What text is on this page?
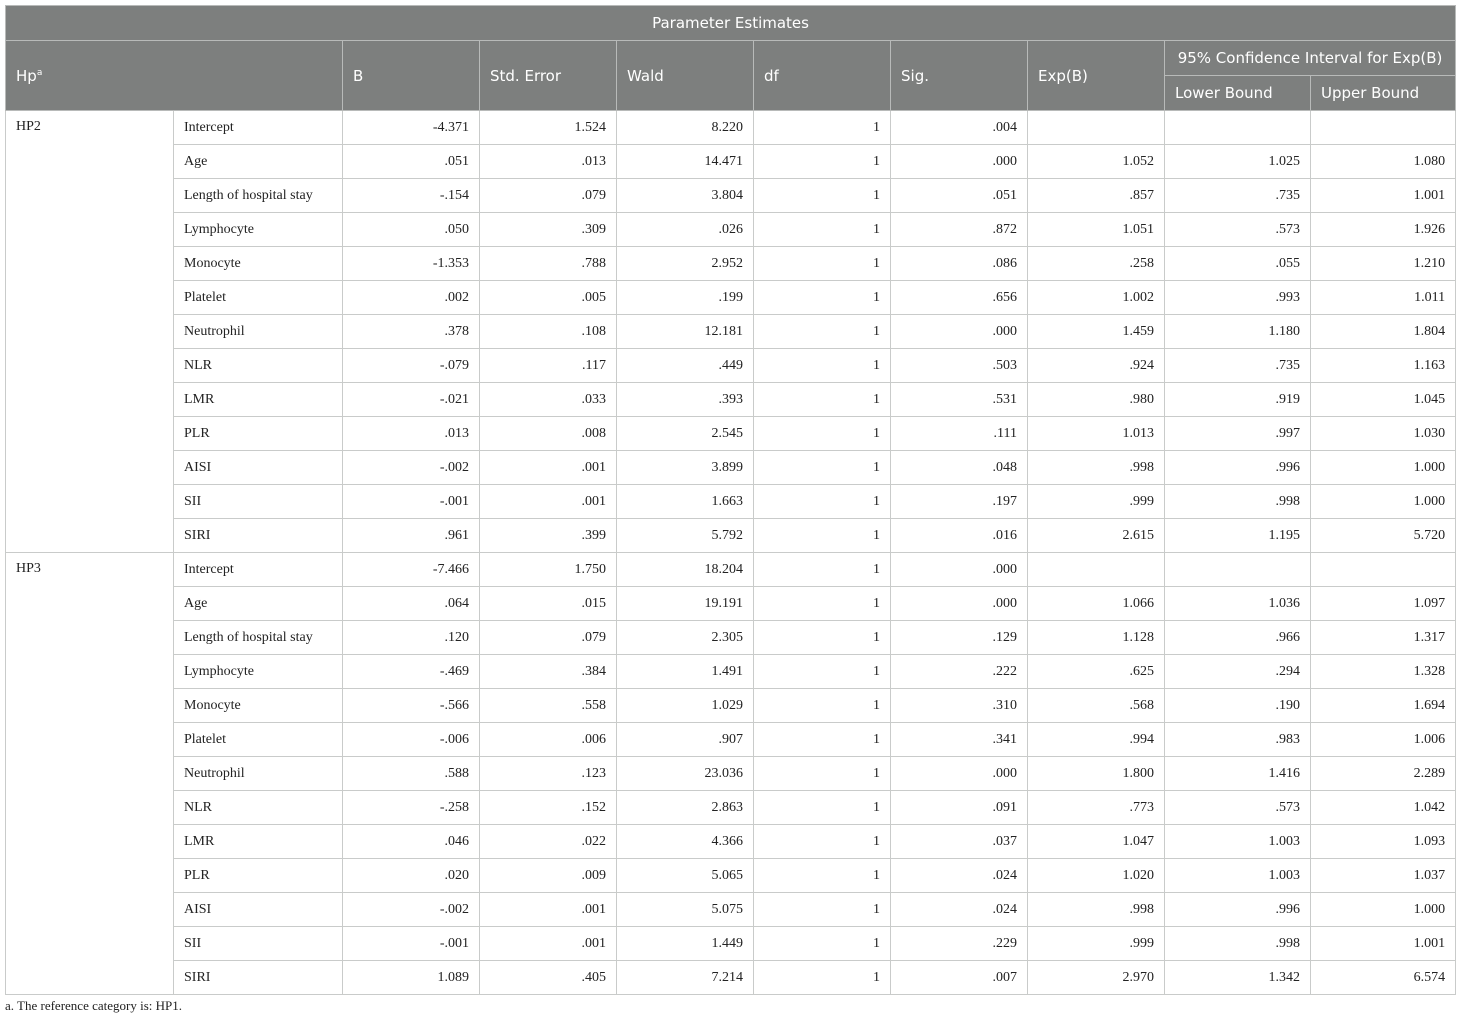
Parameter Estimates									
Hp$^a$		B	Std. Error	Wald	df	Sig.	Exp(B)	95% Confidence Interval for Exp(B)	
								Lower Bound	Upper Bound
HP2	Intercept	-4.371	1.524	8.220	1	.004			
	Age	.051	.013	14.471	1	.000	1.052	1.025	1.080
	Length of hospital stay	-.154	.079	3.804	1	.051	.857	.735	1.001
	Lymphocyte	.050	.309	.026	1	.872	1.051	.573	1.926
	Monocyte	-1.353	.788	2.952	1	.086	.258	.055	1.210
	Platelet	.002	.005	.199	1	.656	1.002	.993	1.011
	Neutrophil	.378	.108	12.181	1	.000	1.459	1.180	1.804
	NLR	-.079	.117	.449	1	.503	.924	.735	1.163
	LMR	-.021	.033	.393	1	.531	.980	.919	1.045
	PLR	.013	.008	2.545	1	.111	1.013	.997	1.030
	AISI	-.002	.001	3.899	1	.048	.998	.996	1.000
	SII	-.001	.001	1.663	1	.197	.999	.998	1.000
	SIRI	.961	.399	5.792	1	.016	2.615	1.195	5.720
HP3	Intercept	-7.466	1.750	18.204	1	.000			
	Age	.064	.015	19.191	1	.000	1.066	1.036	1.097
	Length of hospital stay	.120	.079	2.305	1	.129	1.128	.966	1.317
	Lymphocyte	-.469	.384	1.491	1	.222	.625	.294	1.328
	Monocyte	-.566	.558	1.029	1	.310	.568	.190	1.694
	Platelet	-.006	.006	.907	1	.341	.994	.983	1.006
	Neutrophil	.588	.123	23.036	1	.000	1.800	1.416	2.289
	NLR	-.258	.152	2.863	1	.091	.773	.573	1.042
	LMR	.046	.022	4.366	1	.037	1.047	1.003	1.093
	PLR	.020	.009	5.065	1	.024	1.020	1.003	1.037
	AISI	-.002	.001	5.075	1	.024	.998	.996	1.000
	SII	-.001	.001	1.449	1	.229	.999	.998	1.001
	SIRI	1.089	.405	7.214	1	.007	2.970	1.342	6.574
a. The reference category is: HP1.
